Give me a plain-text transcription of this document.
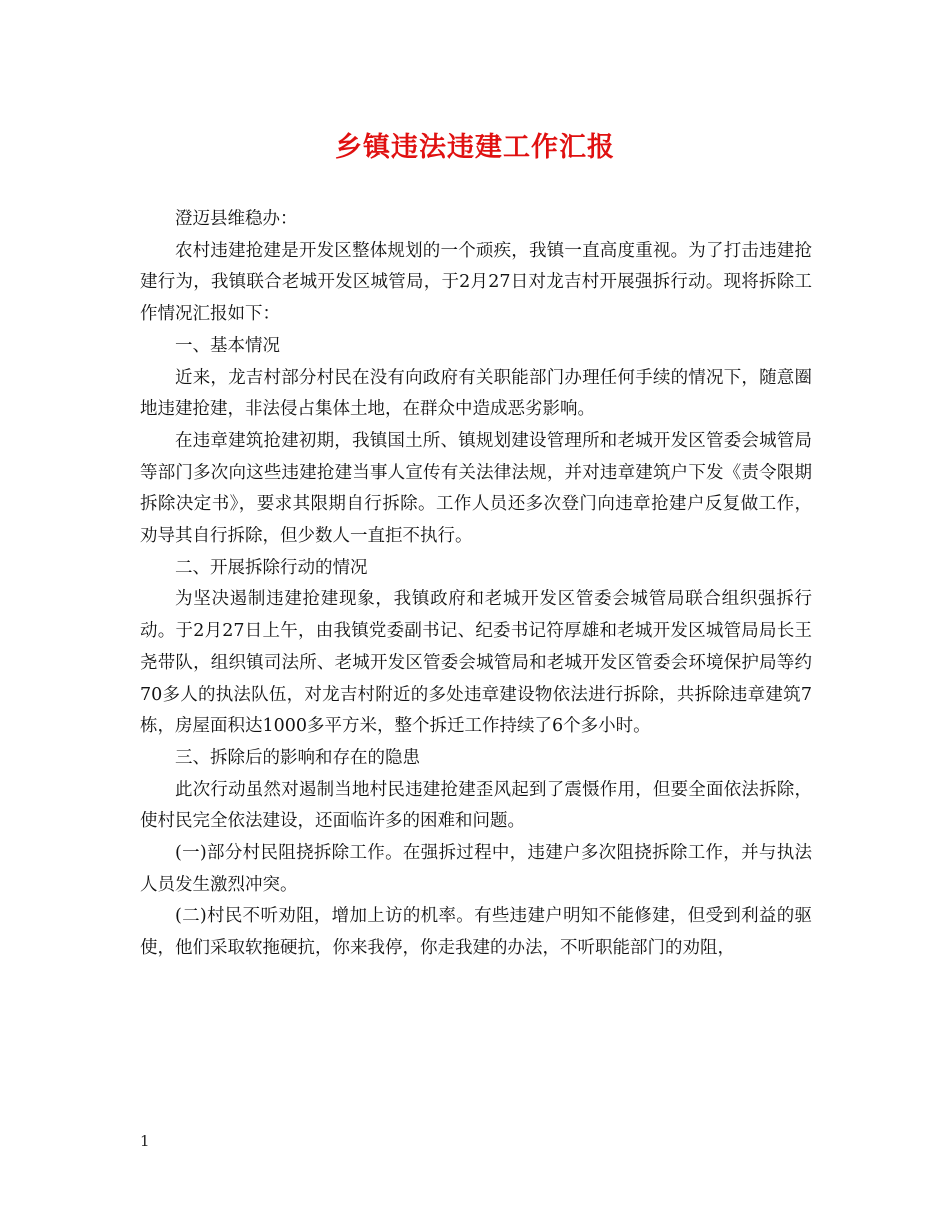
乡镇违法违建工作汇报

澄迈县维稳办：

农村违建抢建是开发区整体规划的一个顽疾，我镇一直高度重视。为了打击违建抢建行为，我镇联合老城开发区城管局，于2月27日对龙吉村开展强拆行动。现将拆除工作情况汇报如下：

一、基本情况

近来，龙吉村部分村民在没有向政府有关职能部门办理任何手续的情况下，随意圈地违建抢建，非法侵占集体土地，在群众中造成恶劣影响。

在违章建筑抢建初期，我镇国土所、镇规划建设管理所和老城开发区管委会城管局等部门多次向这些违建抢建当事人宣传有关法律法规，并对违章建筑户下发《责令限期拆除决定书》，要求其限期自行拆除。工作人员还多次登门向违章抢建户反复做工作，劝导其自行拆除，但少数人一直拒不执行。

二、开展拆除行动的情况

为坚决遏制违建抢建现象，我镇政府和老城开发区管委会城管局联合组织强拆行动。于2月27日上午，由我镇党委副书记、纪委书记符厚雄和老城开发区城管局局长王尧带队，组织镇司法所、老城开发区管委会城管局和老城开发区管委会环境保护局等约70多人的执法队伍，对龙吉村附近的多处违章建设物依法进行拆除，共拆除违章建筑7栋，房屋面积达1000多平方米，整个拆迁工作持续了6个多小时。

三、拆除后的影响和存在的隐患

此次行动虽然对遏制当地村民违建抢建歪风起到了震慑作用，但要全面依法拆除，使村民完全依法建设，还面临许多的困难和问题。

(一)部分村民阻挠拆除工作。在强拆过程中，违建户多次阻挠拆除工作，并与执法人员发生激烈冲突。

(二)村民不听劝阻，增加上访的机率。有些违建户明知不能修建，但受到利益的驱使，他们采取软拖硬抗，你来我停，你走我建的办法，不听职能部门的劝阻，

1
